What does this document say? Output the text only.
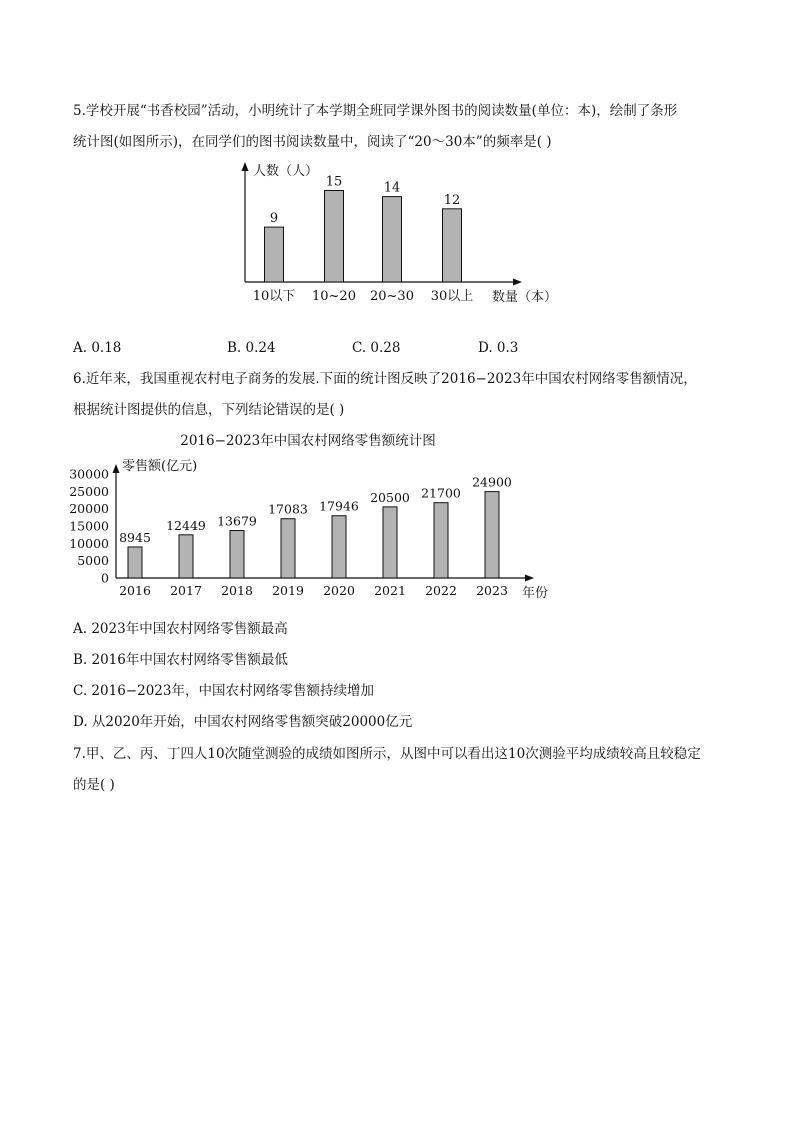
5.学校开展“书香校园”活动，小明统计了本学期全班同学课外图书的阅读数量(单位：本)，绘制了条形
统计图(如图所示)，在同学们的图书阅读数量中，阅读了“20～30本”的频率是( )
人数（人）
数量（本）
9
10以下
15
10~20
14
20~30
12
30以上
2016−2023年中国农村网络零售额统计图
零售额(亿元)
年份
0
5000
10000
15000
20000
25000
30000
8945
2016
12449
2017
13679
2018
17083
2019
17946
2020
20500
2021
21700
2022
24900
2023
A. 0.18	B. 0.24	C. 0.28	D. 0.3
6.近年来，我国重视农村电子商务的发展.下面的统计图反映了2016−2023年中国农村网络零售额情况，
根据统计图提供的信息，下列结论错误的是( )
A. 2023年中国农村网络零售额最高
B. 2016年中国农村网络零售额最低
C. 2016−2023年，中国农村网络零售额持续增加
D. 从2020年开始，中国农村网络零售额突破20000亿元
7.甲、乙、丙、丁四人10次随堂测验的成绩如图所示，从图中可以看出这10次测验平均成绩较高且较稳定
的是( )
